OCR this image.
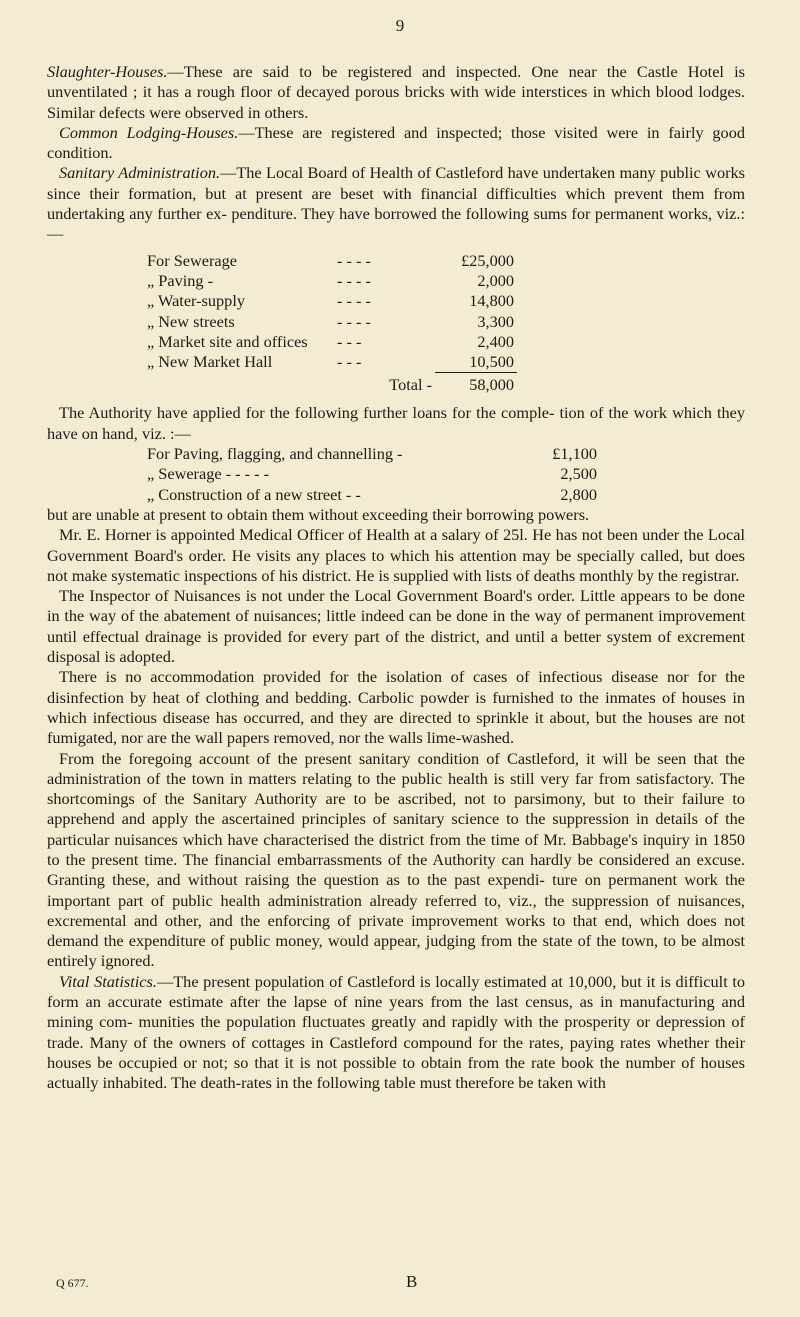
9

Slaughter-Houses.—These are said to be registered and inspected. One near the Castle Hotel is unventilated ; it has a rough floor of decayed porous bricks with wide interstices in which blood lodges. Similar defects were observed in others.

Common Lodging-Houses.—These are registered and inspected; those visited were in fairly good condition.

Sanitary Administration.—The Local Board of Health of Castleford have undertaken many public works since their formation, but at present are beset with financial difficulties which prevent them from undertaking any further ex- penditure. They have borrowed the following sums for permanent works, viz.:—

For Sewerage	- - - -	£25,000
„ Paving -	- - - -	2,000
„ Water-supply	- - - -	14,800
„ New streets	- - - -	3,300
„ Market site and offices	- - -	2,400
„ New Market Hall	- - -	10,500
Total -	58,000

The Authority have applied for the following further loans for the comple- tion of the work which they have on hand, viz. :—

For Paving, flagging, and channelling -	£1,100
„ Sewerage - - - - -	2,500
„ Construction of a new street - -	2,800

but are unable at present to obtain them without exceeding their borrowing powers.

Mr. E. Horner is appointed Medical Officer of Health at a salary of 25l. He has not been under the Local Government Board's order. He visits any places to which his attention may be specially called, but does not make systematic inspections of his district. He is supplied with lists of deaths monthly by the registrar.

The Inspector of Nuisances is not under the Local Government Board's order. Little appears to be done in the way of the abatement of nuisances; little indeed can be done in the way of permanent improvement until effectual drainage is provided for every part of the district, and until a better system of excrement disposal is adopted.

There is no accommodation provided for the isolation of cases of infectious disease nor for the disinfection by heat of clothing and bedding. Carbolic powder is furnished to the inmates of houses in which infectious disease has occurred, and they are directed to sprinkle it about, but the houses are not fumigated, nor are the wall papers removed, nor the walls lime-washed.

From the foregoing account of the present sanitary condition of Castleford, it will be seen that the administration of the town in matters relating to the public health is still very far from satisfactory. The shortcomings of the Sanitary Authority are to be ascribed, not to parsimony, but to their failure to apprehend and apply the ascertained principles of sanitary science to the suppression in details of the particular nuisances which have characterised the district from the time of Mr. Babbage's inquiry in 1850 to the present time. The financial embarrassments of the Authority can hardly be considered an excuse. Granting these, and without raising the question as to the past expendi- ture on permanent work the important part of public health administration already referred to, viz., the suppression of nuisances, excremental and other, and the enforcing of private improvement works to that end, which does not demand the expenditure of public money, would appear, judging from the state of the town, to be almost entirely ignored.

Vital Statistics.—The present population of Castleford is locally estimated at 10,000, but it is difficult to form an accurate estimate after the lapse of nine years from the last census, as in manufacturing and mining com- munities the population fluctuates greatly and rapidly with the prosperity or depression of trade. Many of the owners of cottages in Castleford compound for the rates, paying rates whether their houses be occupied or not; so that it is not possible to obtain from the rate book the number of houses actually inhabited. The death-rates in the following table must therefore be taken with

Q 677.	B
